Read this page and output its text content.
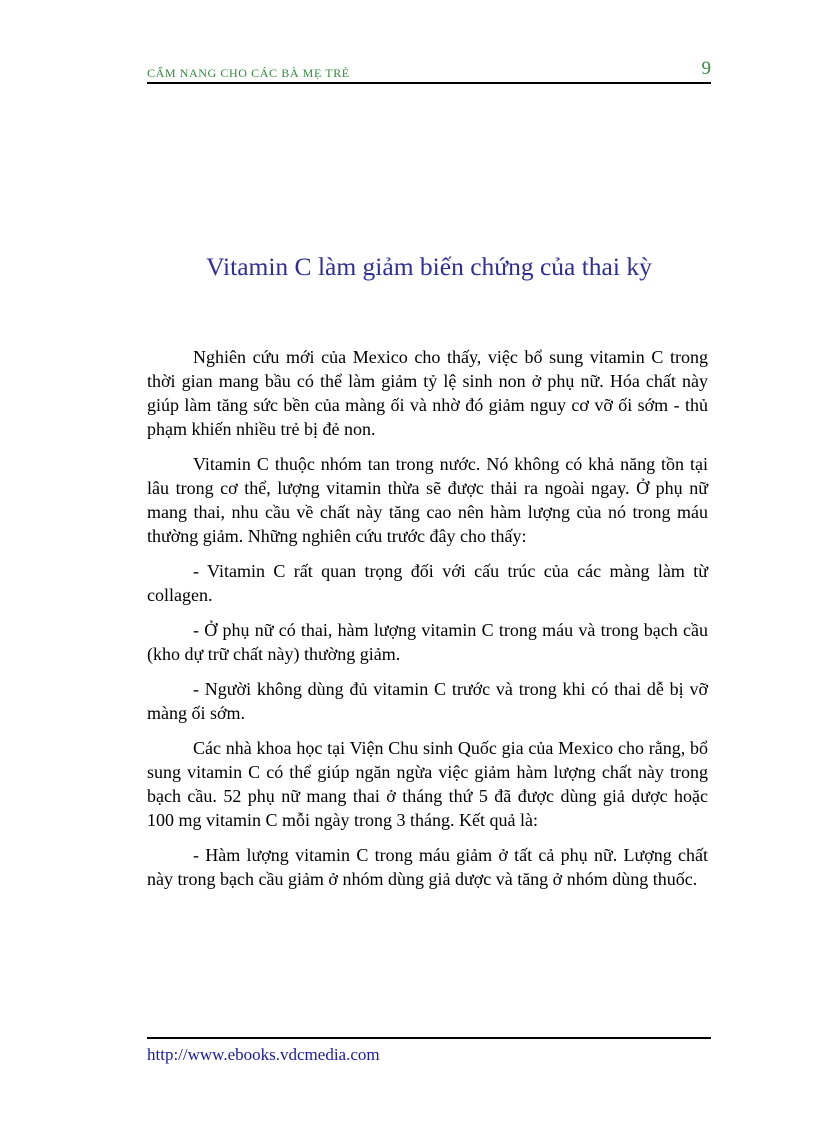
CẨM NANG CHO CÁC BÀ MẸ TRẺ	9
Vitamin C làm giảm biến chứng của thai kỳ

Nghiên cứu mới của Mexico cho thấy, việc bổ sung vitamin C trong thời gian mang bầu có thể làm giảm tỷ lệ sinh non ở phụ nữ. Hóa chất này giúp làm tăng sức bền của màng ối và nhờ đó giảm nguy cơ vỡ ối sớm - thủ phạm khiến nhiều trẻ bị đẻ non.

Vitamin C thuộc nhóm tan trong nước. Nó không có khả năng tồn tại lâu trong cơ thể, lượng vitamin thừa sẽ được thải ra ngoài ngay. Ở phụ nữ mang thai, nhu cầu về chất này tăng cao nên hàm lượng của nó trong máu thường giảm. Những nghiên cứu trước đây cho thấy:

- Vitamin C rất quan trọng đối với cấu trúc của các màng làm từ collagen.

- Ở phụ nữ có thai, hàm lượng vitamin C trong máu và trong bạch cầu (kho dự trữ chất này) thường giảm.

- Người không dùng đủ vitamin C trước và trong khi có thai dễ bị vỡ màng ối sớm.

Các nhà khoa học tại Viện Chu sinh Quốc gia của Mexico cho rằng, bổ sung vitamin C có thể giúp ngăn ngừa việc giảm hàm lượng chất này trong bạch cầu. 52 phụ nữ mang thai ở tháng thứ 5 đã được dùng giả dược hoặc 100 mg vitamin C mỗi ngày trong 3 tháng. Kết quả là:

- Hàm lượng vitamin C trong máu giảm ở tất cả phụ nữ. Lượng chất này trong bạch cầu giảm ở nhóm dùng giả dược và tăng ở nhóm dùng thuốc.

http://www.ebooks.vdcmedia.com
